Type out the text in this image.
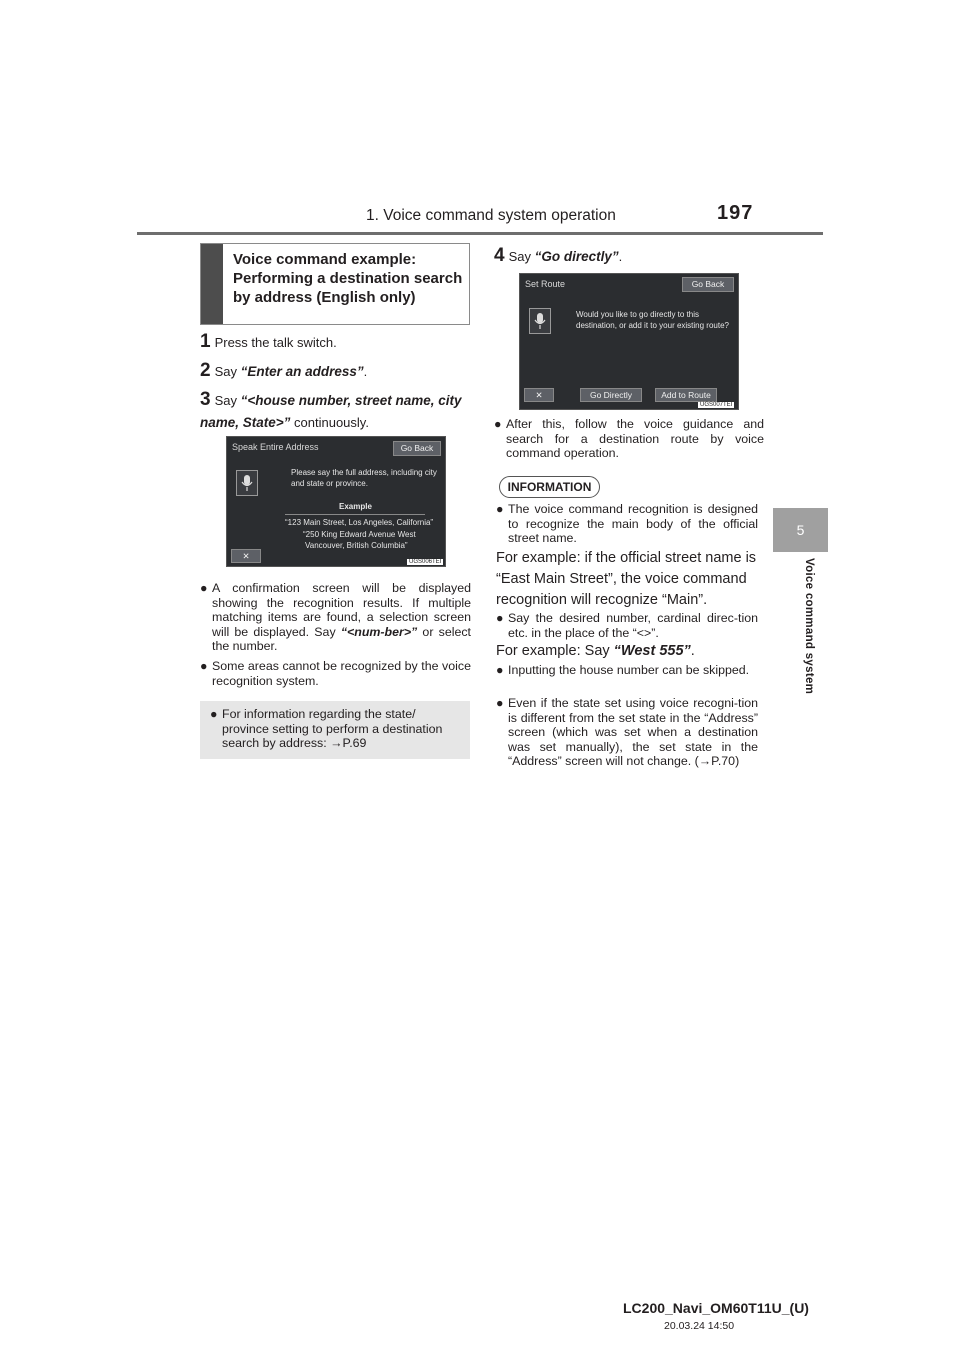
1. Voice command system operation	197
5
Voice command system
Voice command example: Performing a destination search by address (English only)
1 Press the talk switch.
2 Say “Enter an address”.
3 Say “<house number, street name, city name, State>” continuously.
Speak Entire Address	Go Back
Please say the full address, including city
and state or province.
Example
“123 Main Street, Los Angeles, California”
“250 King Edward Avenue West
Vancouver, British Columbia”
✕
UGS006TEI
● A confirmation screen will be displayed showing the recognition results. If multiple matching items are found, a selection screen will be displayed. Say “<num-ber>” or select the number.
● Some areas cannot be recognized by the voice recognition system.
● For information regarding the state/ province setting to perform a destination search by address: →P.69
4 Say “Go directly”.
Set Route	Go Back
Would you like to go directly to this
destination, or add it to your existing route?
✕	Go Directly	Add to Route
UGS007TEI
● After this, follow the voice guidance and search for a destination route by voice command operation.
INFORMATION
● The voice command recognition is designed to recognize the main body of the official street name.
For example: if the official street name is “East Main Street”, the voice command recognition will recognize “Main”.
● Say the desired number, cardinal direc-tion etc. in the place of the “<>”.
For example: Say “West 555”.
● Inputting the house number can be skipped.
● Even if the state set using voice recogni-tion is different from the set state in the “Address” screen (which was set when a destination was set manually), the set state in the “Address” screen will not change. (→P.70)
LC200_Navi_OM60T11U_(U)
20.03.24 14:50
